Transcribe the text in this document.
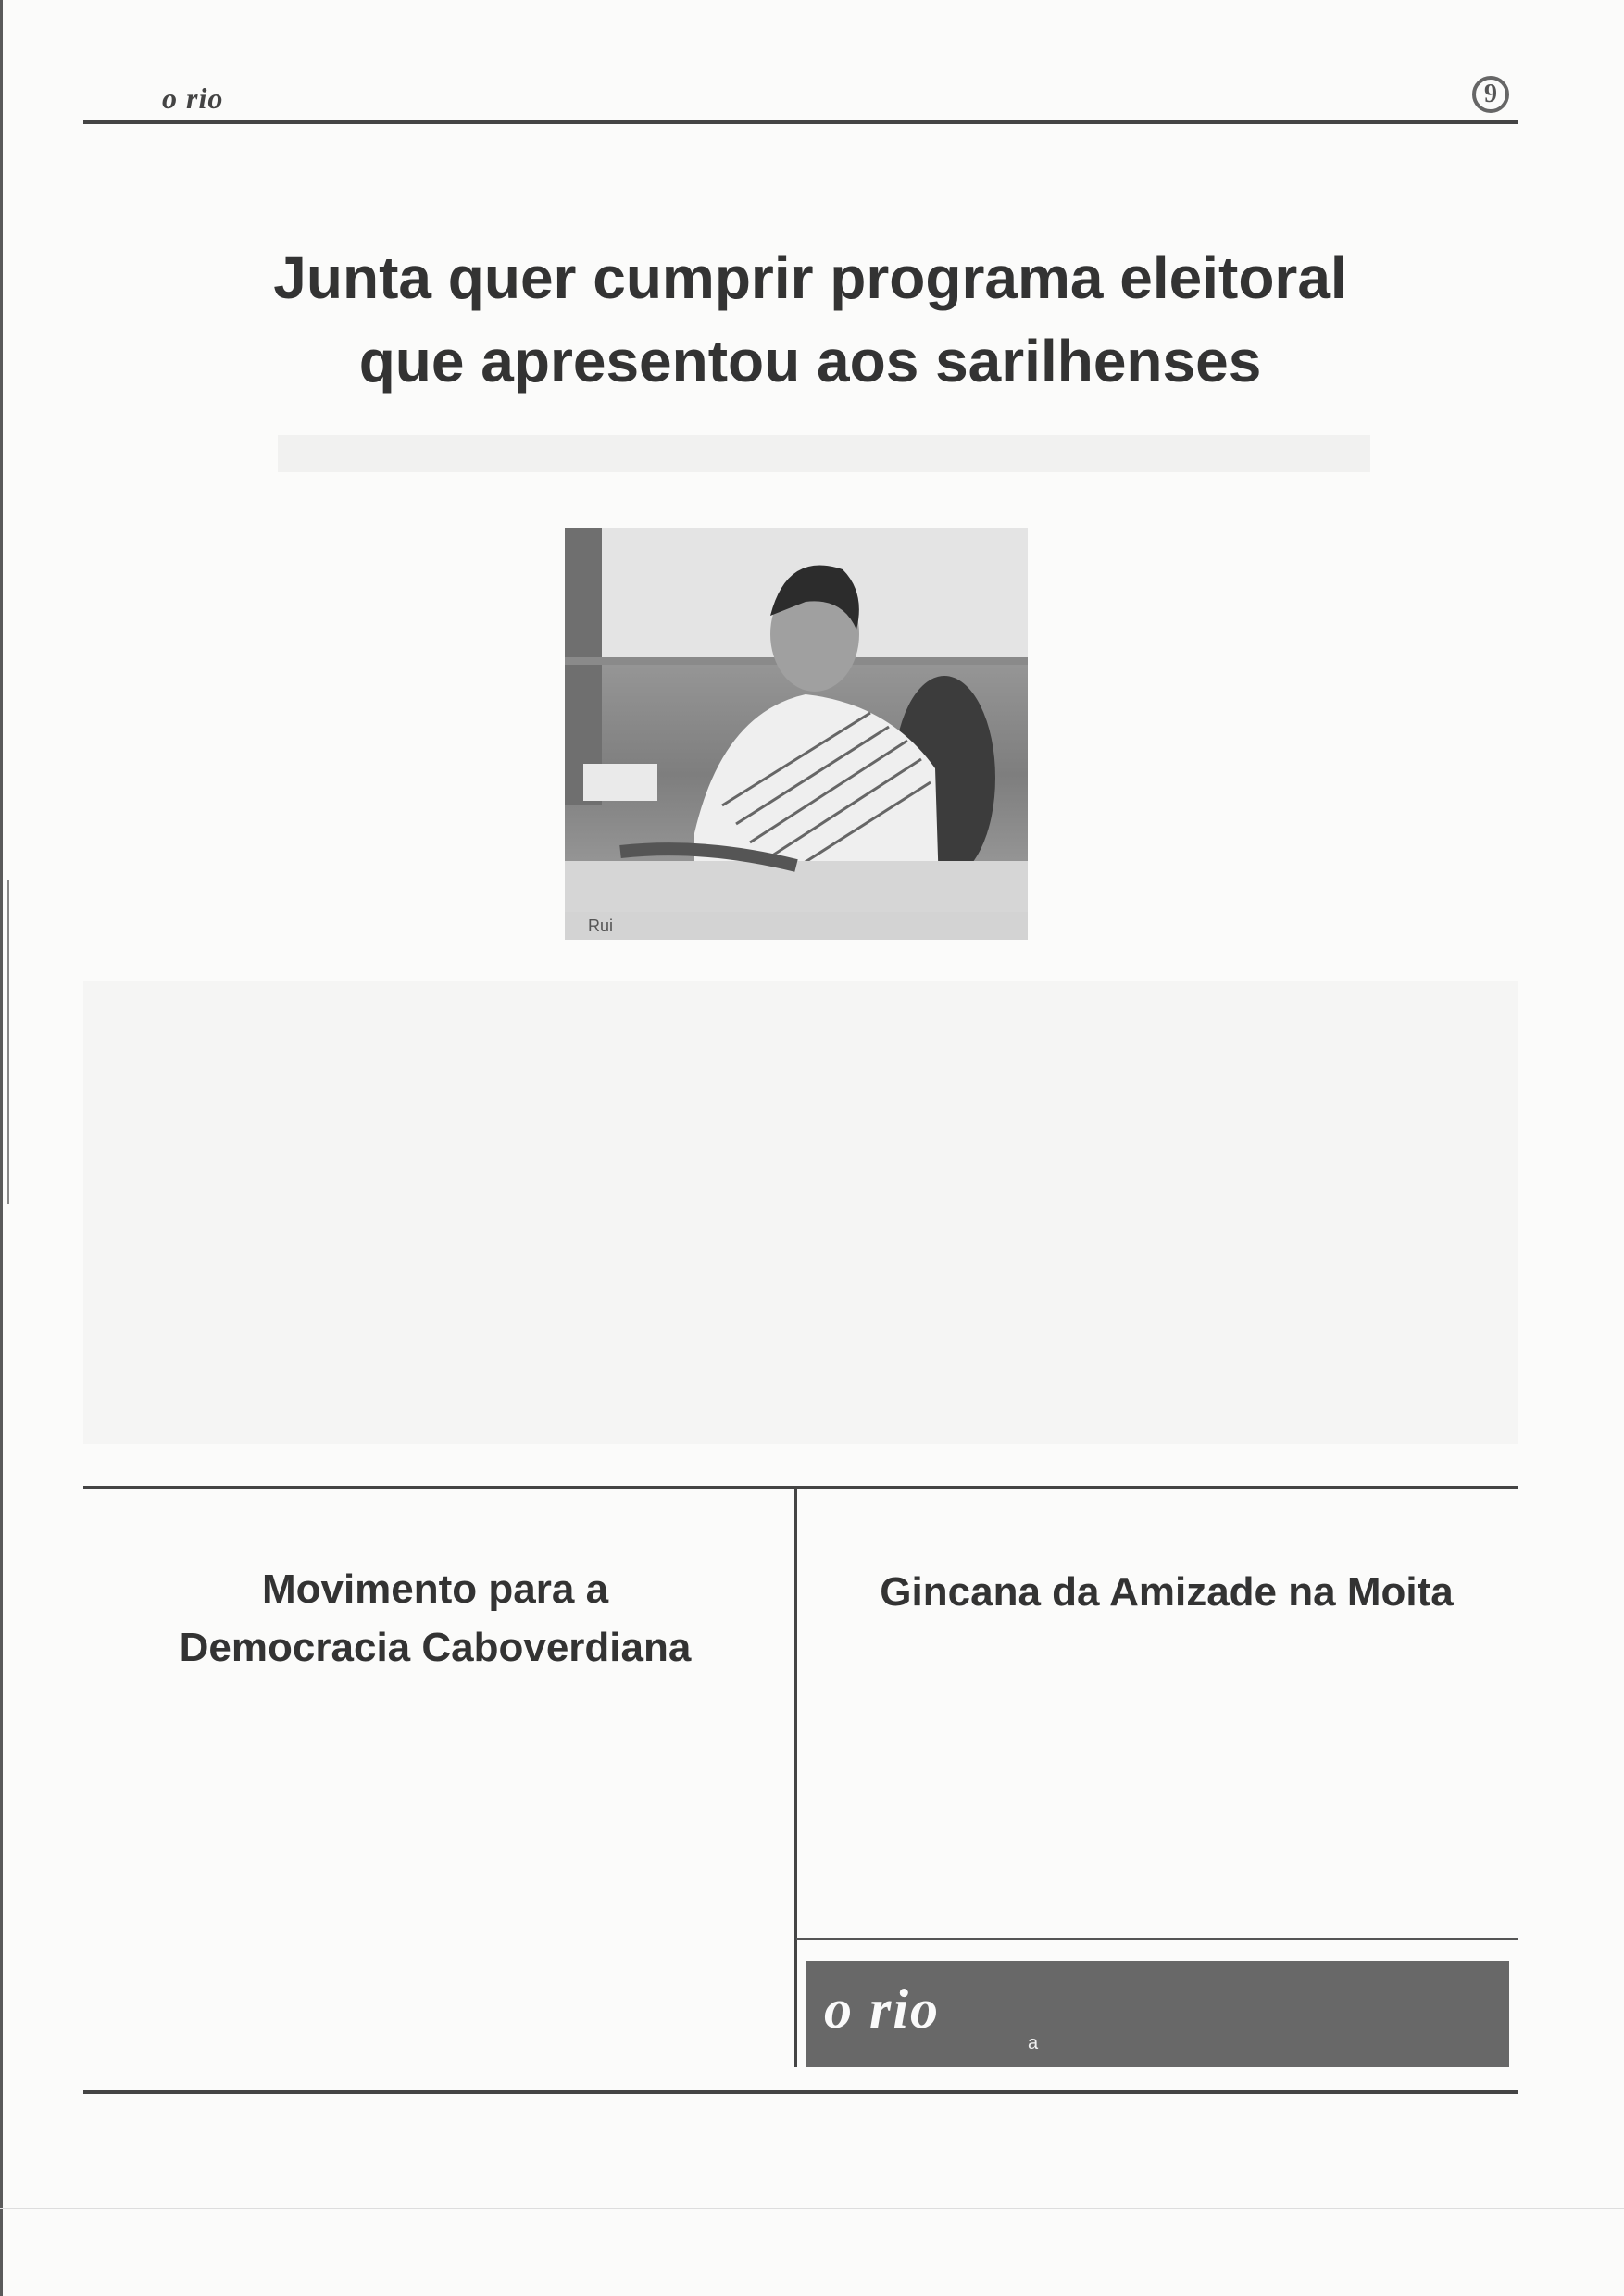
o rio	9
Junta quer cumprir programa eleitoral
que apresentou aos sarilhenses
Rui
Movimento para a
Democracia Caboverdiana
Gincana da Amizade na Moita
o rio
a
